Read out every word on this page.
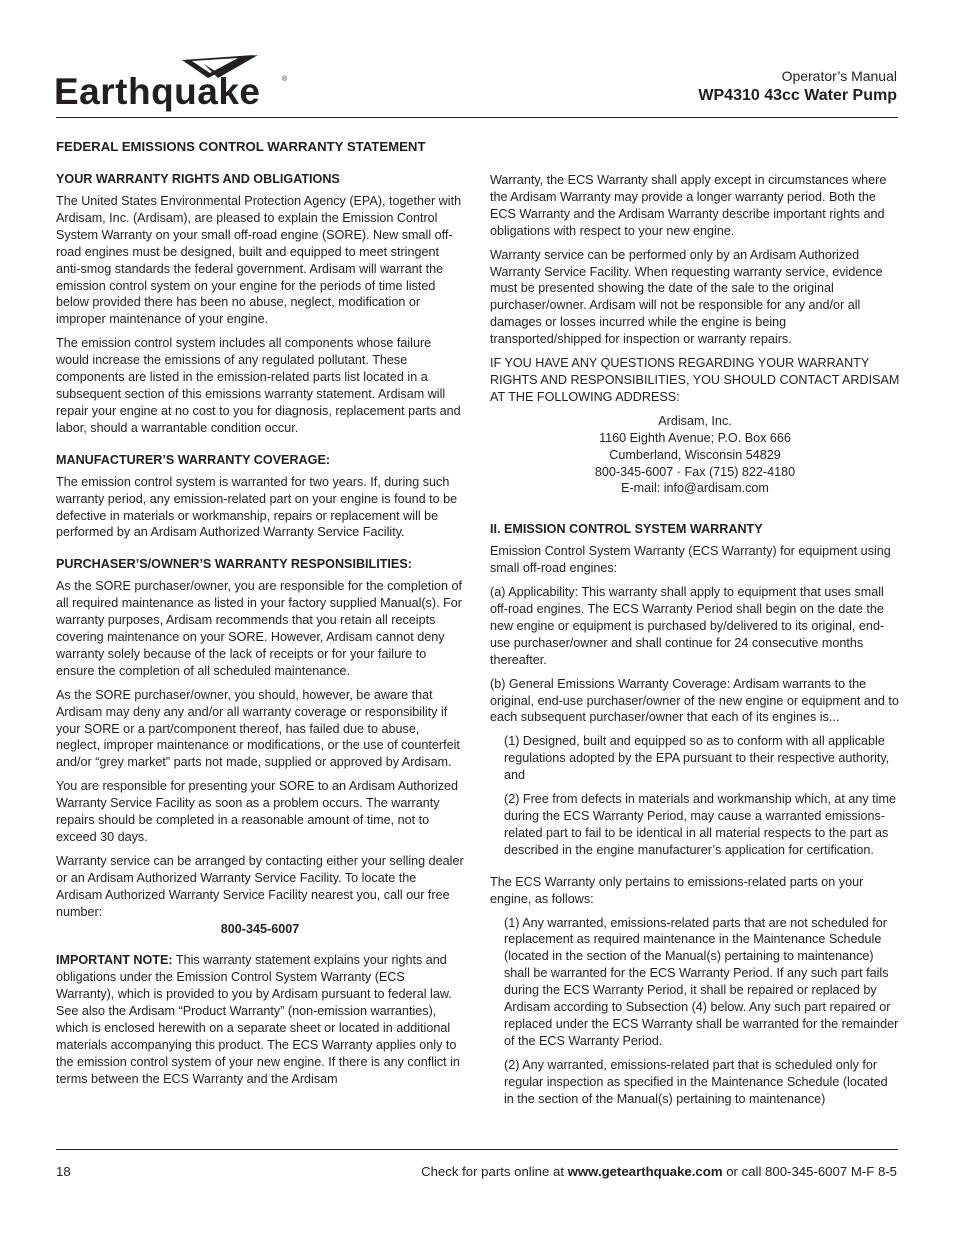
Earthquake	®	Operator’s Manual
WP4310 43cc Water Pump
FEDERAL EMISSIONS CONTROL WARRANTY STATEMENT
YOUR WARRANTY RIGHTS AND OBLIGATIONS

The United States Environmental Protection Agency (EPA), together with Ardisam, Inc. (Ardisam), are pleased to explain the Emission Control System Warranty on your small off-road engine (SORE). New small off-road engines must be designed, built and equipped to meet stringent anti-smog standards the federal government. Ardisam will warrant the emission control system on your engine for the periods of time listed below provided there has been no abuse, neglect, modification or improper maintenance of your engine.

The emission control system includes all components whose failure would increase the emissions of any regulated pollutant. These components are listed in the emission-related parts list located in a subsequent section of this emissions warranty statement. Ardisam will repair your engine at no cost to you for diagnosis, replacement parts and labor, should a warrantable condition occur.

MANUFACTURER’S WARRANTY COVERAGE:

The emission control system is warranted for two years. If, during such warranty period, any emission-related part on your engine is found to be defective in materials or workmanship, repairs or replacement will be performed by an Ardisam Authorized Warranty Service Facility.

PURCHASER’S/OWNER’S WARRANTY RESPONSIBILITIES:

As the SORE purchaser/owner, you are responsible for the completion of all required maintenance as listed in your factory supplied Manual(s). For warranty purposes, Ardisam recommends that you retain all receipts covering maintenance on your SORE. However, Ardisam cannot deny warranty solely because of the lack of receipts or for your failure to ensure the completion of all scheduled maintenance.

As the SORE purchaser/owner, you should, however, be aware that Ardisam may deny any and/or all warranty coverage or responsibility if your SORE or a part/component thereof, has failed due to abuse, neglect, improper maintenance or modifications, or the use of counterfeit and/or “grey market” parts not made, supplied or approved by Ardisam.

You are responsible for presenting your SORE to an Ardisam Authorized Warranty Service Facility as soon as a problem occurs. The warranty repairs should be completed in a reasonable amount of time, not to exceed 30 days.

Warranty service can be arranged by contacting either your selling dealer or an Ardisam Authorized Warranty Service Facility. To locate the Ardisam Authorized Warranty Service Facility nearest you, call our free number:

800-345-6007

IMPORTANT NOTE: This warranty statement explains your rights and obligations under the Emission Control System Warranty (ECS Warranty), which is provided to you by Ardisam pursuant to federal law. See also the Ardisam “Product Warranty” (non-emission warranties), which is enclosed herewith on a separate sheet or located in additional materials accompanying this product. The ECS Warranty applies only to the emission control system of your new engine. If there is any conflict in terms between the ECS Warranty and the Ardisam

Warranty, the ECS Warranty shall apply except in circumstances where the Ardisam Warranty may provide a longer warranty period. Both the ECS Warranty and the Ardisam Warranty describe important rights and obligations with respect to your new engine.

Warranty service can be performed only by an Ardisam Authorized Warranty Service Facility. When requesting warranty service, evidence must be presented showing the date of the sale to the original purchaser/owner. Ardisam will not be responsible for any and/or all damages or losses incurred while the engine is being transported/shipped for inspection or warranty repairs.

IF YOU HAVE ANY QUESTIONS REGARDING YOUR WARRANTY RIGHTS AND RESPONSIBILITIES, YOU SHOULD CONTACT ARDISAM AT THE FOLLOWING ADDRESS:

Ardisam, Inc.

1160 Eighth Avenue; P.O. Box 666

Cumberland, Wisconsin 54829

800-345-6007 · Fax (715) 822-4180

E-mail: info@ardisam.com

II. EMISSION CONTROL SYSTEM WARRANTY

Emission Control System Warranty (ECS Warranty) for equipment using small off-road engines:

(a) Applicability: This warranty shall apply to equipment that uses small off-road engines. The ECS Warranty Period shall begin on the date the new engine or equipment is purchased by/delivered to its original, end-use purchaser/owner and shall continue for 24 consecutive months thereafter.

(b) General Emissions Warranty Coverage: Ardisam warrants to the original, end-use purchaser/owner of the new engine or equipment and to each subsequent purchaser/owner that each of its engines is...

(1) Designed, built and equipped so as to conform with all applicable regulations adopted by the EPA pursuant to their respective authority, and

(2) Free from defects in materials and workmanship which, at any time during the ECS Warranty Period, may cause a warranted emissions-related part to fail to be identical in all material respects to the part as described in the engine manufacturer’s application for certification.

The ECS Warranty only pertains to emissions-related parts on your engine, as follows:

(1) Any warranted, emissions-related parts that are not scheduled for replacement as required maintenance in the Maintenance Schedule (located in the section of the Manual(s) pertaining to maintenance) shall be warranted for the ECS Warranty Period. If any such part fails during the ECS Warranty Period, it shall be repaired or replaced by Ardisam according to Subsection (4) below. Any such part repaired or replaced under the ECS Warranty shall be warranted for the remainder of the ECS Warranty Period.

(2) Any warranted, emissions-related part that is scheduled only for regular inspection as specified in the Maintenance Schedule (located in the section of the Manual(s) pertaining to maintenance)

18	Check for parts online at www.getearthquake.com or call 800-345-6007 M-F 8-5
